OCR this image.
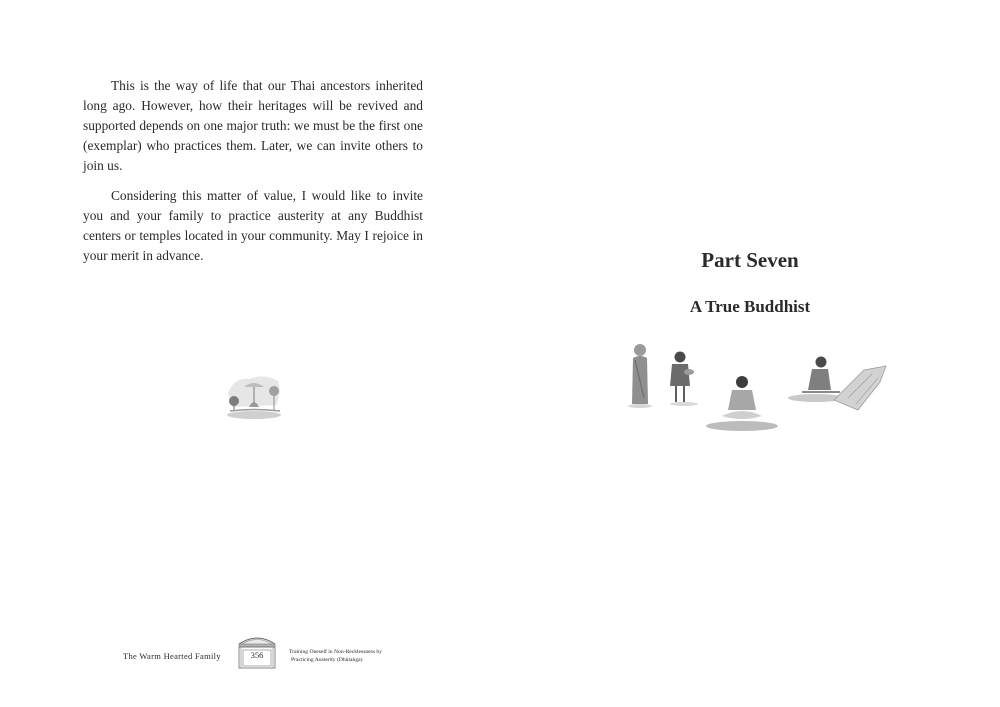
This is the way of life that our Thai ancestors inherited long ago. However, how their heritages will be revived and supported depends on one major truth: we must be the first one (exemplar) who practices them. Later, we can invite others to join us.

Considering this matter of value, I would like to invite you and your family to practice austerity at any Buddhist centers or temples located in your community. May I rejoice in your merit in advance.

The Warm Hearted Family	356	Training Oneself in Non-Recklessness by
Practicing Austerity (Dhūtaṅga)
Part Seven
A True Buddhist
